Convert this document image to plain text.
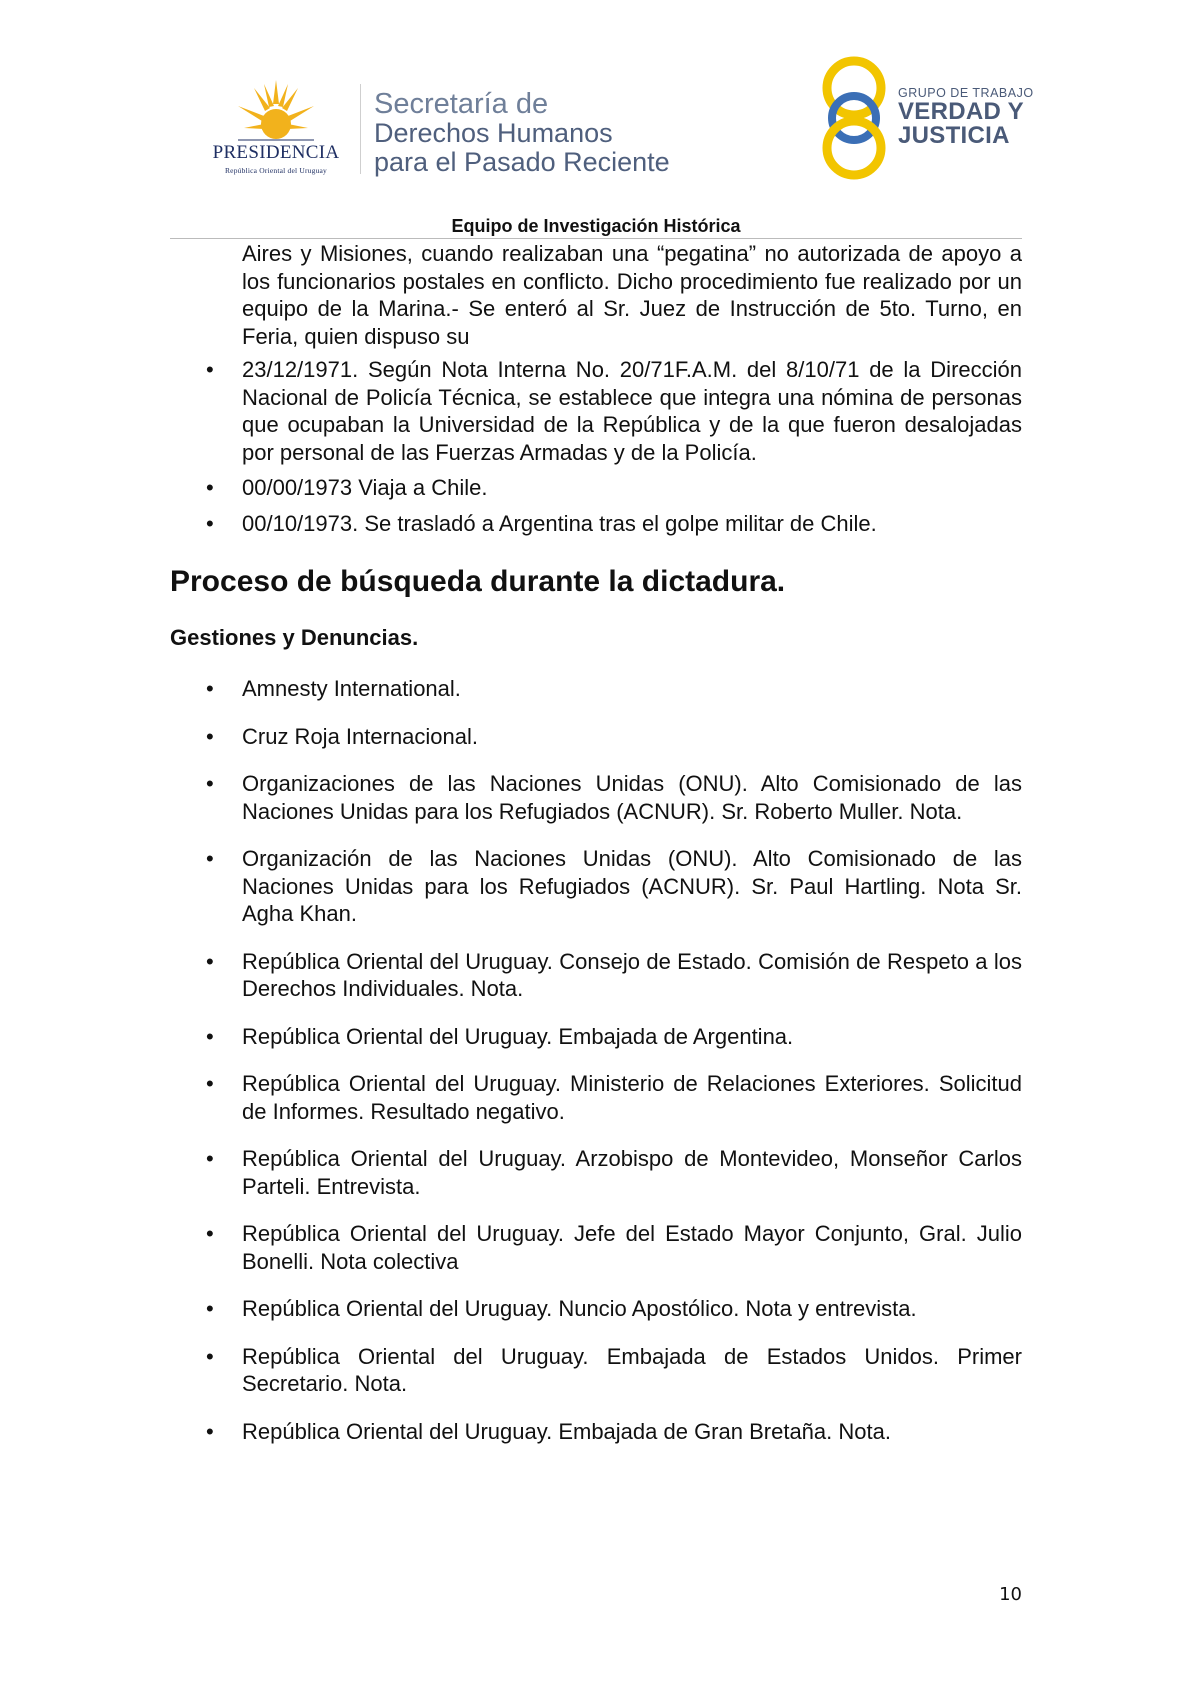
PRESIDENCIA
República Oriental del Uruguay
Secretaría de
Derechos Humanos
para el Pasado Reciente
GRUPO DE TRABAJO
VERDAD Y
JUSTICIA
Equipo de Investigación Histórica

Aires y Misiones, cuando realizaban una “pegatina” no autorizada de apoyo a los funcionarios postales en conflicto. Dicho procedimiento fue realizado por un equipo de la Marina.- Se enteró al Sr. Juez de Instrucción de 5to. Turno, en Feria, quien dispuso su

• 23/12/1971. Según Nota Interna No. 20/71F.A.M. del 8/10/71 de la Dirección Nacional de Policía Técnica, se establece que integra una nómina de personas que ocupaban la Universidad de la República y de la que fueron desalojadas por personal de las Fuerzas Armadas y de la Policía.
• 00/00/1973 Viaja a Chile.
• 00/10/1973. Se trasladó a Argentina tras el golpe militar de Chile.
Proceso de búsqueda durante la dictadura.
Gestiones y Denuncias.
• Amnesty International.
• Cruz Roja Internacional.
• Organizaciones de las Naciones Unidas (ONU). Alto Comisionado de las Naciones Unidas para los Refugiados (ACNUR). Sr. Roberto Muller. Nota.
• Organización de las Naciones Unidas (ONU). Alto Comisionado de las Naciones Unidas para los Refugiados (ACNUR). Sr. Paul Hartling. Nota Sr. Agha Khan.
• República Oriental del Uruguay. Consejo de Estado. Comisión de Respeto a los Derechos Individuales. Nota.
• República Oriental del Uruguay. Embajada de Argentina.
• República Oriental del Uruguay. Ministerio de Relaciones Exteriores. Solicitud de Informes. Resultado negativo.
• República Oriental del Uruguay. Arzobispo de Montevideo, Monseñor Carlos Parteli. Entrevista.
• República Oriental del Uruguay. Jefe del Estado Mayor Conjunto, Gral. Julio Bonelli. Nota colectiva
• República Oriental del Uruguay. Nuncio Apostólico. Nota y entrevista.
• República Oriental del Uruguay. Embajada de Estados Unidos. Primer Secretario. Nota.
• República Oriental del Uruguay. Embajada de Gran Bretaña. Nota.
10
